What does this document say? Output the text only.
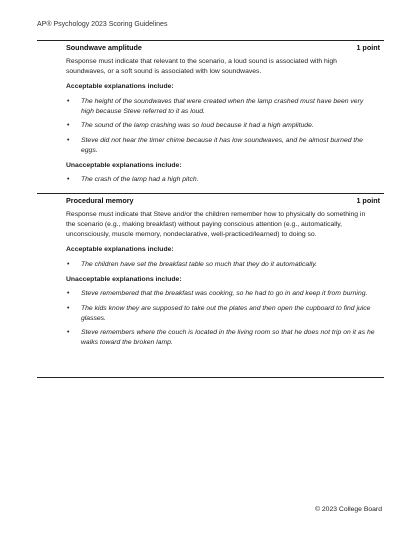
AP® Psychology 2023 Scoring Guidelines
Soundwave amplitude	1 point

Response must indicate that relevant to the scenario, a loud sound is associated with high soundwaves, or a soft sound is associated with low soundwaves.

Acceptable explanations include:

• The height of the soundwaves that were created when the lamp crashed must have been very high because Steve referred to it as loud.
• The sound of the lamp crashing was so loud because it had a high amplitude.
• Steve did not hear the timer chime because it has low soundwaves, and he almost burned the eggs.

Unacceptable explanations include:

• The crash of the lamp had a high pitch.
Procedural memory	1 point

Response must indicate that Steve and/or the children remember how to physically do something in the scenario (e.g., making breakfast) without paying conscious attention (e.g., automatically, unconsciously, muscle memory, nondeclarative, well-practiced/learned) to doing so.

Acceptable explanations include:

• The children have set the breakfast table so much that they do it automatically.

Unacceptable explanations include:

• Steve remembered that the breakfast was cooking, so he had to go in and keep it from burning.
• The kids know they are supposed to take out the plates and then open the cupboard to find juice glasses.
• Steve remembers where the couch is located in the living room so that he does not trip on it as he walks toward the broken lamp.
© 2023 College Board
